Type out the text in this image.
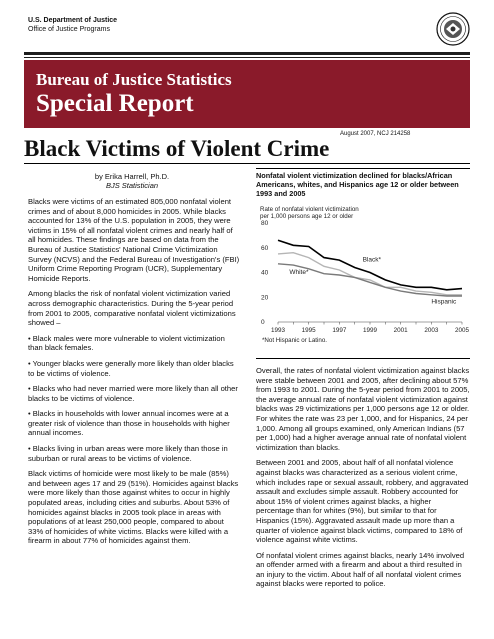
U.S. Department of Justice
Office of Justice Programs
Bureau of Justice Statistics
Special Report
August 2007, NCJ 214258
Black Victims of Violent Crime
by Erika Harrell, Ph.D.
BJS Statistician

Blacks were victims of an estimated 805,000 nonfatal violent crimes and of about 8,000 homicides in 2005. While blacks accounted for 13% of the U.S. population in 2005, they were victims in 15% of all nonfatal violent crimes and nearly half of all homicides. These findings are based on data from the Bureau of Justice Statistics' National Crime Victimization Survey (NCVS) and the Federal Bureau of Investigation's (FBI) Uniform Crime Reporting Program (UCR), Supplementary Homicide Reports.

Among blacks the risk of nonfatal violent victimization varied across demographic characteristics. During the 5-year period from 2001 to 2005, comparative nonfatal violent victimizations showed –

• Black males were more vulnerable to violent victimization than black females.

• Younger blacks were generally more likely than older blacks to be victims of violence.

• Blacks who had never married were more likely than all other blacks to be victims of violence.

• Blacks in households with lower annual incomes were at a greater risk of violence than those in households with higher annual incomes.

• Blacks living in urban areas were more likely than those in suburban or rural areas to be victims of violence.

Black victims of homicide were most likely to be male (85%) and between ages 17 and 29 (51%). Homicides against blacks were more likely than those against whites to occur in highly populated areas, including cities and suburbs. About 53% of homicides against blacks in 2005 took place in areas with populations of at least 250,000 people, compared to about 33% of homicides of white victims. Blacks were killed with a firearm in about 77% of homicides against them.

Nonfatal violent victimization declined for blacks/African Americans, whites, and Hispanics age 12 or older between 1993 and 2005
Rate of nonfatal violent victimization
per 1,000 persons age 12 or older
0
20
40
60
80
1993	1995	1997	1999	2001	2003	2005
Black*
White*
Hispanic
*Not Hispanic or Latino.

Overall, the rates of nonfatal violent victimization against blacks were stable between 2001 and 2005, after declining about 57% from 1993 to 2001. During the 5-year period from 2001 to 2005, the average annual rate of nonfatal violent victimization against blacks was 29 victimizations per 1,000 persons age 12 or older. For whites the rate was 23 per 1,000, and for Hispanics, 24 per 1,000. Among all groups examined, only American Indians (57 per 1,000) had a higher average annual rate of nonfatal violent victimization than blacks.

Between 2001 and 2005, about half of all nonfatal violence against blacks was characterized as a serious violent crime, which includes rape or sexual assault, robbery, and aggravated assault and excludes simple assault. Robbery accounted for about 15% of violent crimes against blacks, a higher percentage than for whites (9%), but similar to that for Hispanics (15%). Aggravated assault made up more than a quarter of violence against black victims, compared to 18% of violence against white victims.

Of nonfatal violent crimes against blacks, nearly 14% involved an offender armed with a firearm and about a third resulted in an injury to the victim. About half of all nonfatal violent crimes against blacks were reported to police.
